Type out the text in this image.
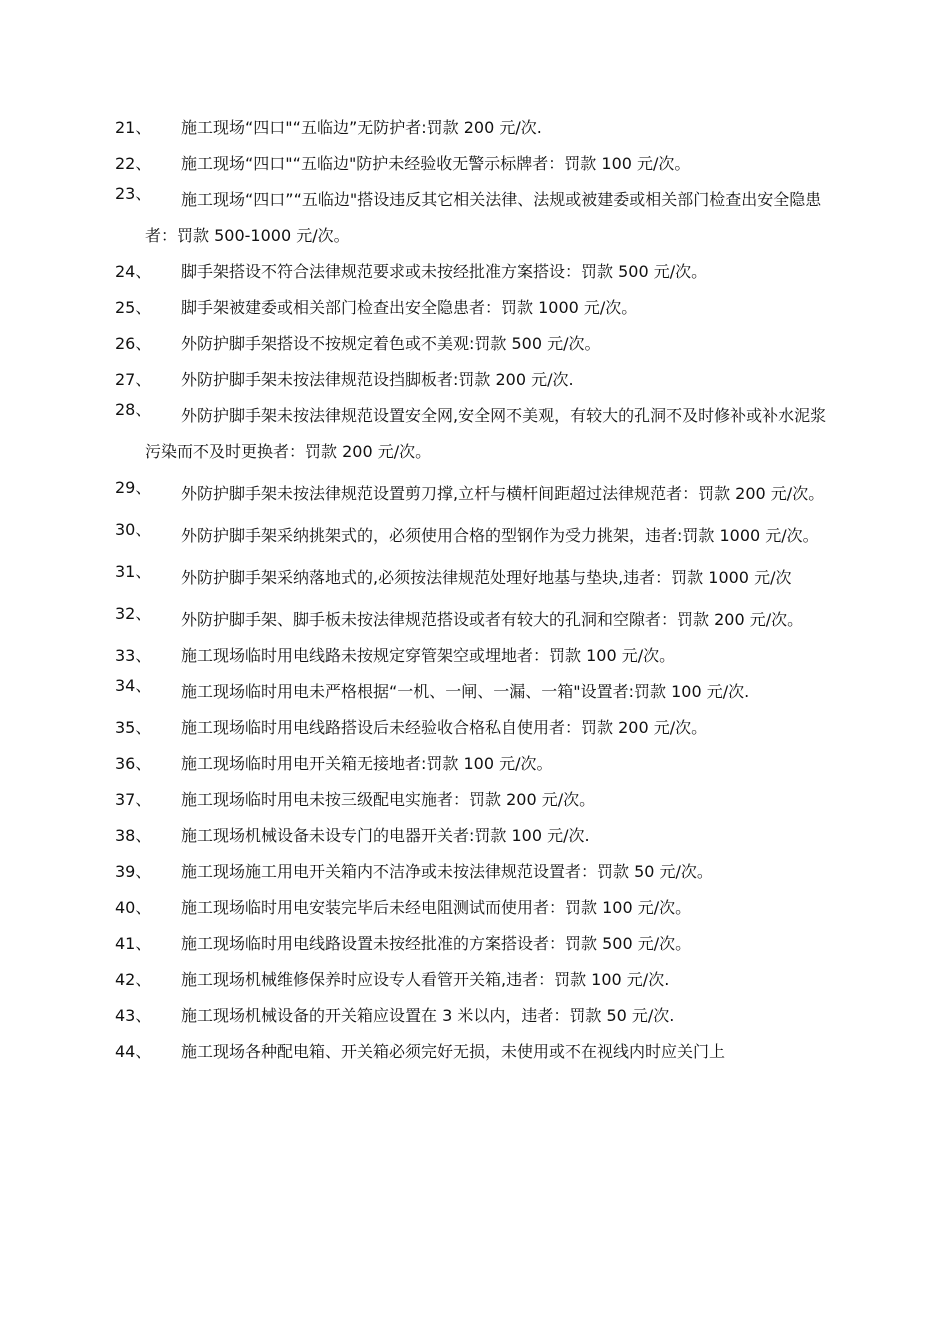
21、	施工现场“四口"“五临边”无防护者:罚款 200 元/次.
22、	施工现场“四口"“五临边"防护未经验收无警示标牌者：罚款 100 元/次。
23、	施工现场“四口”“五临边"搭设违反其它相关法律、法规或被建委或相关部门检查出安全隐患者：罚款 500-1000 元/次。
24、	脚手架搭设不符合法律规范要求或未按经批准方案搭设：罚款 500 元/次。
25、	脚手架被建委或相关部门检查出安全隐患者：罚款 1000 元/次。
26、	外防护脚手架搭设不按规定着色或不美观:罚款 500 元/次。
27、	外防护脚手架未按法律规范设挡脚板者:罚款 200 元/次.
28、	外防护脚手架未按法律规范设置安全网,安全网不美观，有较大的孔洞不及时修补或补水泥浆污染而不及时更换者：罚款 200 元/次。
29、	外防护脚手架未按法律规范设置剪刀撑,立杆与横杆间距超过法律规范者：罚款 200 元/次。
30、	外防护脚手架采纳挑架式的，必须使用合格的型钢作为受力挑架，违者:罚款 1000 元/次。
31、	外防护脚手架采纳落地式的,必须按法律规范处理好地基与垫块,违者：罚款 1000 元/次
32、	外防护脚手架、脚手板未按法律规范搭设或者有较大的孔洞和空隙者：罚款 200 元/次。
33、	施工现场临时用电线路未按规定穿管架空或埋地者：罚款 100 元/次。
34、	施工现场临时用电未严格根据“一机、一闸、一漏、一箱"设置者:罚款 100 元/次.
35、	施工现场临时用电线路搭设后未经验收合格私自使用者：罚款 200 元/次。
36、	施工现场临时用电开关箱无接地者:罚款 100 元/次。
37、	施工现场临时用电未按三级配电实施者：罚款 200 元/次。
38、	施工现场机械设备未设专门的电器开关者:罚款 100 元/次.
39、	施工现场施工用电开关箱内不洁净或未按法律规范设置者：罚款 50 元/次。
40、	施工现场临时用电安装完毕后未经电阻测试而使用者：罚款 100 元/次。
41、	施工现场临时用电线路设置未按经批准的方案搭设者：罚款 500 元/次。
42、	施工现场机械维修保养时应设专人看管开关箱,违者：罚款 100 元/次.
43、	施工现场机械设备的开关箱应设置在 3 米以内，违者：罚款 50 元/次.
44、	施工现场各种配电箱、开关箱必须完好无损，未使用或不在视线内时应关门上
